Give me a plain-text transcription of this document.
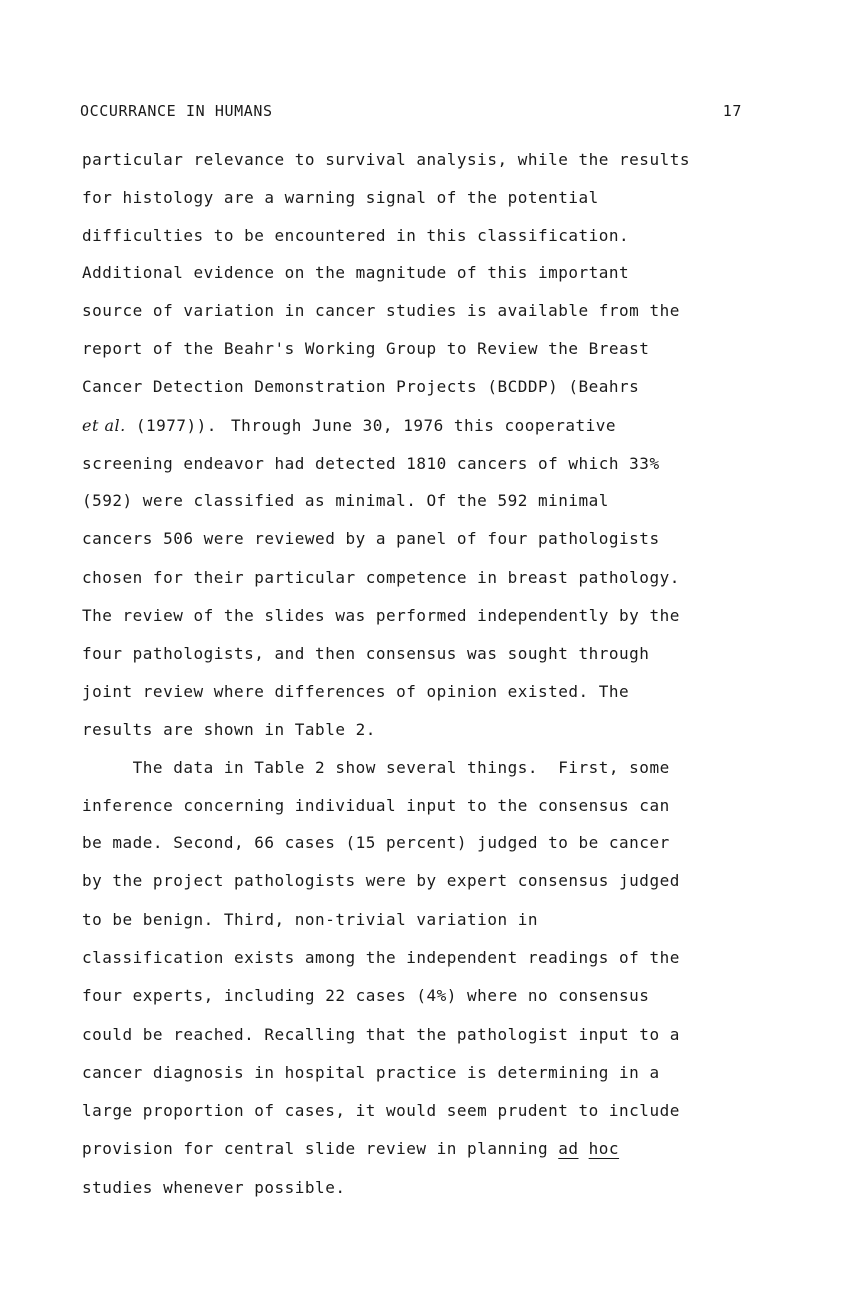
OCCURRANCE IN HUMANS	17
particular relevance to survival analysis, while the results
for histology are a warning signal of the potential
difficulties to be encountered in this classification.
Additional evidence on the magnitude of this important
source of variation in cancer studies is available from the
report of the Beahr's Working Group to Review the Breast
Cancer Detection Demonstration Projects (BCDDP) (Beahrs
et al. (1977)). Through June 30, 1976 this cooperative
screening endeavor had detected 1810 cancers of which 33%
(592) were classified as minimal. Of the 592 minimal
cancers 506 were reviewed by a panel of four pathologists
chosen for their particular competence in breast pathology.
The review of the slides was performed independently by the
four pathologists, and then consensus was sought through
joint review where differences of opinion existed. The
results are shown in Table 2.
The data in Table 2 show several things.  First, some
inference concerning individual input to the consensus can
be made. Second, 66 cases (15 percent) judged to be cancer
by the project pathologists were by expert consensus judged
to be benign. Third, non-trivial variation in
classification exists among the independent readings of the
four experts, including 22 cases (4%) where no consensus
could be reached. Recalling that the pathologist input to a
cancer diagnosis in hospital practice is determining in a
large proportion of cases, it would seem prudent to include
provision for central slide review in planning ad hoc
studies whenever possible.
